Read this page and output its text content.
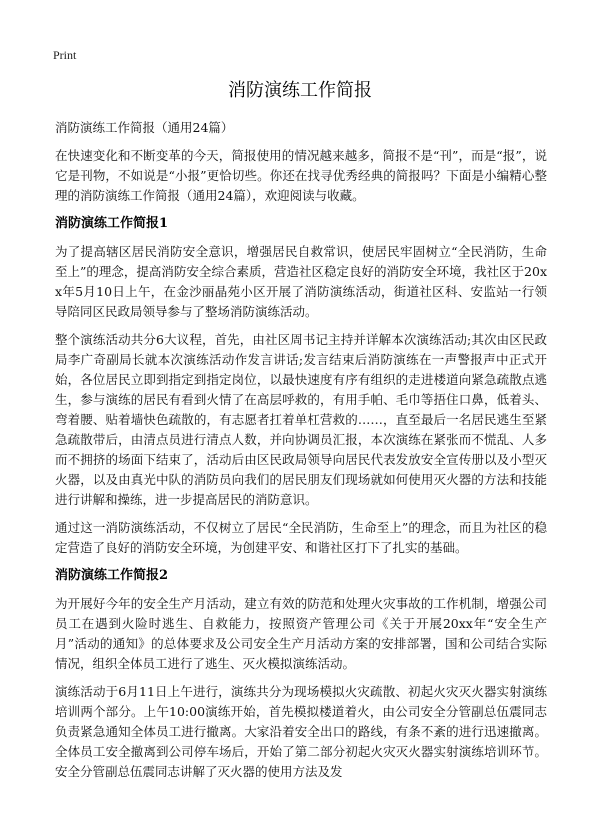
Print
消防演练工作简报

消防演练工作简报（通用24篇）

在快速变化和不断变革的今天，简报使用的情况越来越多，简报不是“刊”，而是“报”，说它是刊物，不如说是“小报”更恰切些。你还在找寻优秀经典的简报吗？下面是小编精心整理的消防演练工作简报（通用24篇），欢迎阅读与收藏。

消防演练工作简报1

为了提高辖区居民消防安全意识，增强居民自救常识，使居民牢固树立“全民消防，生命至上”的理念，提高消防安全综合素质，营造社区稳定良好的消防安全环境，我社区于20xx年5月10日上午，在金沙丽晶苑小区开展了消防演练活动，街道社区科、安监站一行领导陪同区民政局领导参与了整场消防演练活动。

整个演练活动共分6大议程，首先，由社区周书记主持并详解本次演练活动;其次由区民政局李广奇副局长就本次演练活动作发言讲话;发言结束后消防演练在一声警报声中正式开始，各位居民立即到指定到指定岗位，以最快速度有序有组织的走进楼道向紧急疏散点逃生，参与演练的居民有看到火情了在高层呼救的，有用手帕、毛巾等捂住口鼻，低着头、弯着腰、贴着墙快色疏散的，有志愿者扛着单杠营救的……，直至最后一名居民逃生至紧急疏散带后，由清点员进行清点人数，并向协调员汇报，本次演练在紧张而不慌乱、人多而不拥挤的场面下结束了，活动后由区民政局领导向居民代表发放安全宣传册以及小型灭火器，以及由真光中队的消防员向我们的居民朋友们现场就如何使用灭火器的方法和技能进行讲解和操练，进一步提高居民的消防意识。

通过这一消防演练活动，不仅树立了居民“全民消防，生命至上”的理念，而且为社区的稳定营造了良好的消防安全环境，为创建平安、和谐社区打下了扎实的基础。

消防演练工作简报2

为开展好今年的安全生产月活动，建立有效的防范和处理火灾事故的工作机制，增强公司员工在遇到火险时逃生、自救能力，按照资产管理公司《关于开展20xx年“安全生产月”活动的通知》的总体要求及公司安全生产月活动方案的安排部署，国和公司结合实际情况，组织全体员工进行了逃生、灭火模拟演练活动。

演练活动于6月11日上午进行，演练共分为现场模拟火灾疏散、初起火灾灭火器实射演练培训两个部分。上午10:00演练开始，首先模拟楼道着火，由公司安全分管副总伍震同志负责紧急通知全体员工进行撤离。大家沿着安全出口的路线，有条不紊的进行迅速撤离。全体员工安全撤离到公司停车场后，开始了第二部分初起火灾灭火器实射演练培训环节。安全分管副总伍震同志讲解了灭火器的使用方法及发
